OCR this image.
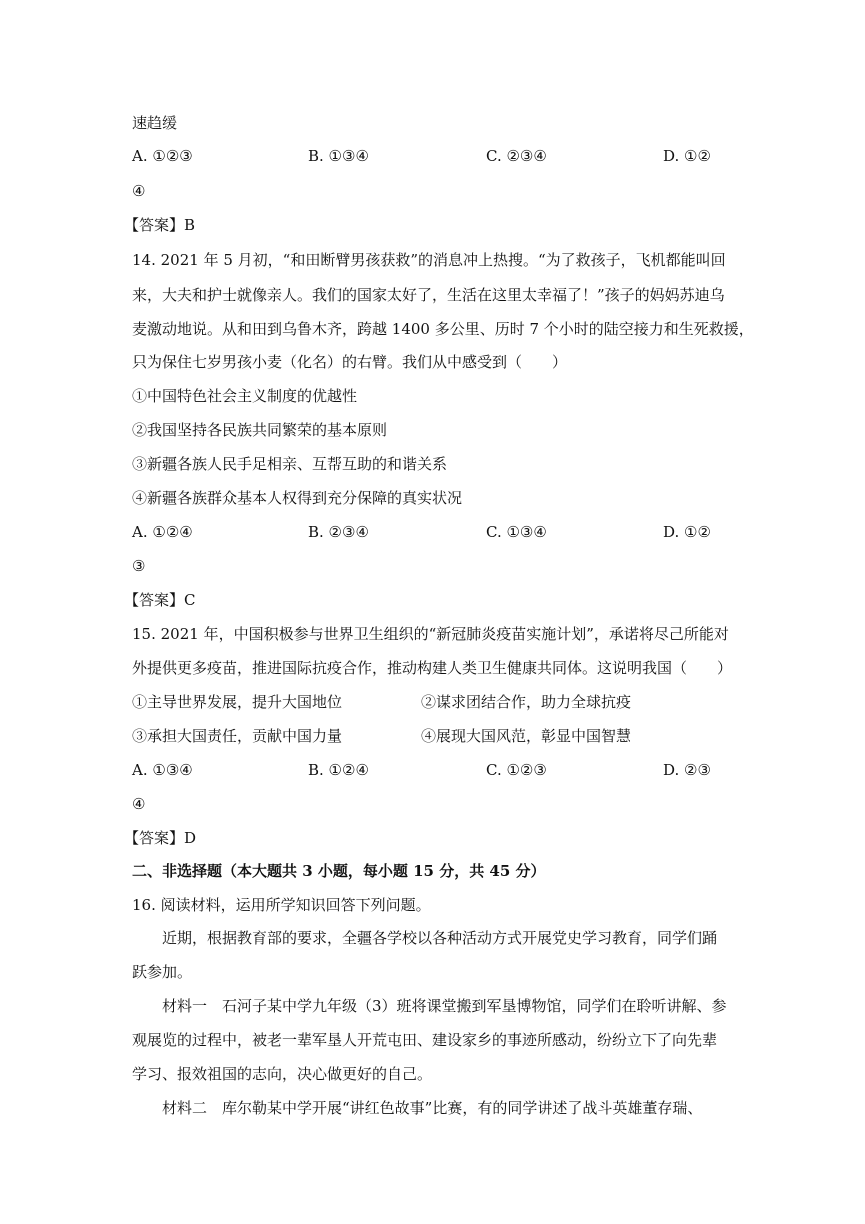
速趋缓
A. ①②③	B. ①③④	C. ②③④	D. ①②
④
【答案】B
14. 2021 年 5 月初，“和田断臂男孩获救”的消息冲上热搜。“为了救孩子，飞机都能叫回
来，大夫和护士就像亲人。我们的国家太好了，生活在这里太幸福了！”孩子的妈妈苏迪乌
麦激动地说。从和田到乌鲁木齐，跨越 1400 多公里、历时 7 个小时的陆空接力和生死救援，
只为保住七岁男孩小麦（化名）的右臂。我们从中感受到（　　）
①中国特色社会主义制度的优越性
②我国坚持各民族共同繁荣的基本原则
③新疆各族人民手足相亲、互帮互助的和谐关系
④新疆各族群众基本人权得到充分保障的真实状况
A. ①②④	B. ②③④	C. ①③④	D. ①②
③
【答案】C
15. 2021 年，中国积极参与世界卫生组织的“新冠肺炎疫苗实施计划”，承诺将尽己所能对
外提供更多疫苗，推进国际抗疫合作，推动构建人类卫生健康共同体。这说明我国（　　）
①主导世界发展，提升大国地位	②谋求团结合作，助力全球抗疫
③承担大国责任，贡献中国力量	④展现大国风范，彰显中国智慧
A. ①③④	B. ①②④	C. ①②③	D. ②③
④
【答案】D
二、非选择题（本大题共 3 小题，每小题 15 分，共 45 分）
16. 阅读材料，运用所学知识回答下列问题。
　　近期，根据教育部的要求，全疆各学校以各种活动方式开展党史学习教育，同学们踊
跃参加。
　　材料一　石河子某中学九年级（3）班将课堂搬到军垦博物馆，同学们在聆听讲解、参
观展览的过程中，被老一辈军垦人开荒屯田、建设家乡的事迹所感动，纷纷立下了向先辈
学习、报效祖国的志向，决心做更好的自己。
　　材料二　库尔勒某中学开展“讲红色故事”比赛，有的同学讲述了战斗英雄董存瑞、
